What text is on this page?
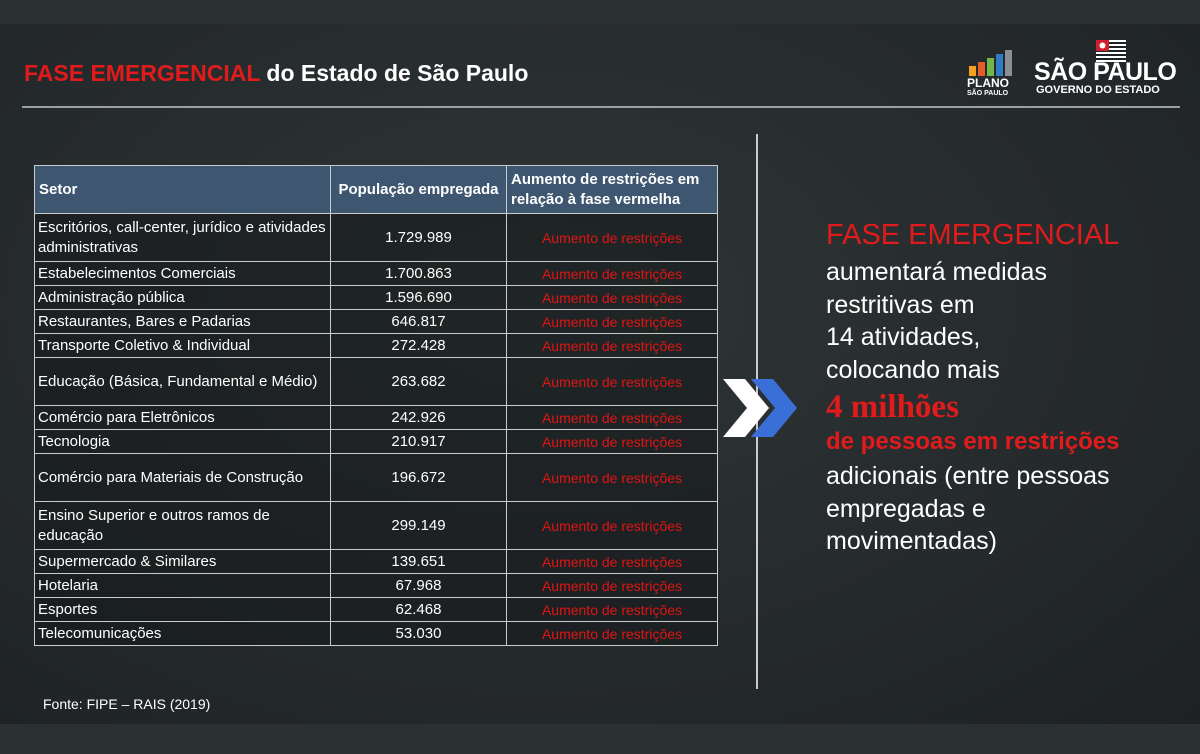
FASE EMERGENCIAL do Estado de São Paulo	PLANO
SÃO PAULO
SÃO PAULO
GOVERNO DO ESTADO
Setor	População empregada	Aumento de restrições em relação à fase vermelha
Escritórios, call-center, jurídico e atividades administrativas	1.729.989	Aumento de restrições
Estabelecimentos Comerciais	1.700.863	Aumento de restrições
Administração pública	1.596.690	Aumento de restrições
Restaurantes, Bares e Padarias	646.817	Aumento de restrições
Transporte Coletivo & Individual	272.428	Aumento de restrições
Educação (Básica, Fundamental e Médio)	263.682	Aumento de restrições
Comércio para Eletrônicos	242.926	Aumento de restrições
Tecnologia	210.917	Aumento de restrições
Comércio para Materiais de Construção	196.672	Aumento de restrições
Ensino Superior e outros ramos de educação	299.149	Aumento de restrições
Supermercado & Similares	139.651	Aumento de restrições
Hotelaria	67.968	Aumento de restrições
Esportes	62.468	Aumento de restrições
Telecomunicações	53.030	Aumento de restrições
FASE EMERGENCIAL
aumentará medidas
restritivas em
14 atividades,
colocando mais
4 milhões
de pessoas em restrições
adicionais (entre pessoas
empregadas e
movimentadas)
Fonte: FIPE – RAIS (2019)
